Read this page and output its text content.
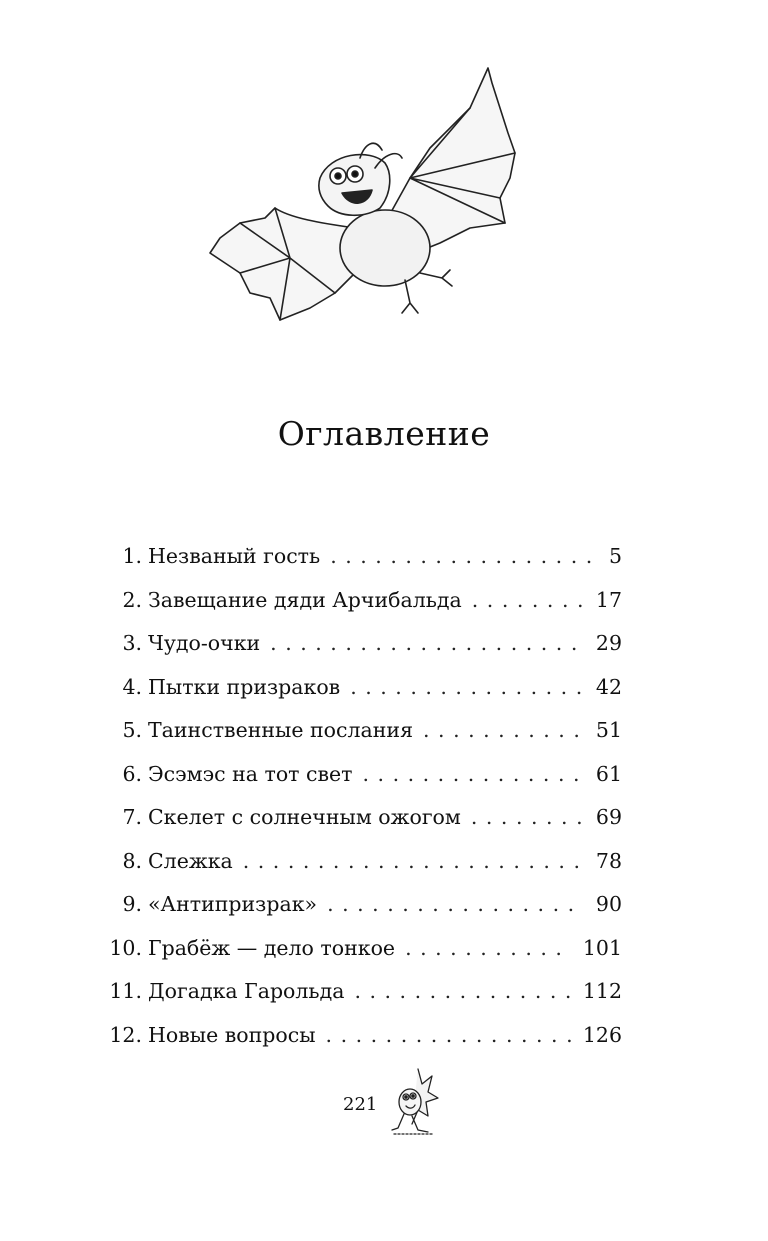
Оглавление
1. Незваный гость . . .	5
2. Завещание дяди Арчибальда . . .	17
3. Чудо-очки . . .	29
4. Пытки призраков . . .	42
5. Таинственные послания . . .	51
6. Эсэмэс на тот свет . . .	61
7. Скелет с солнечным ожогом . . .	69
8. Слежка . . .	78
9. «Антипризрак» . . .	90
10. Грабёж — дело тонкое . . .	101
11. Догадка Гарольда . . .	112
12. Новые вопросы . . .	126
221
